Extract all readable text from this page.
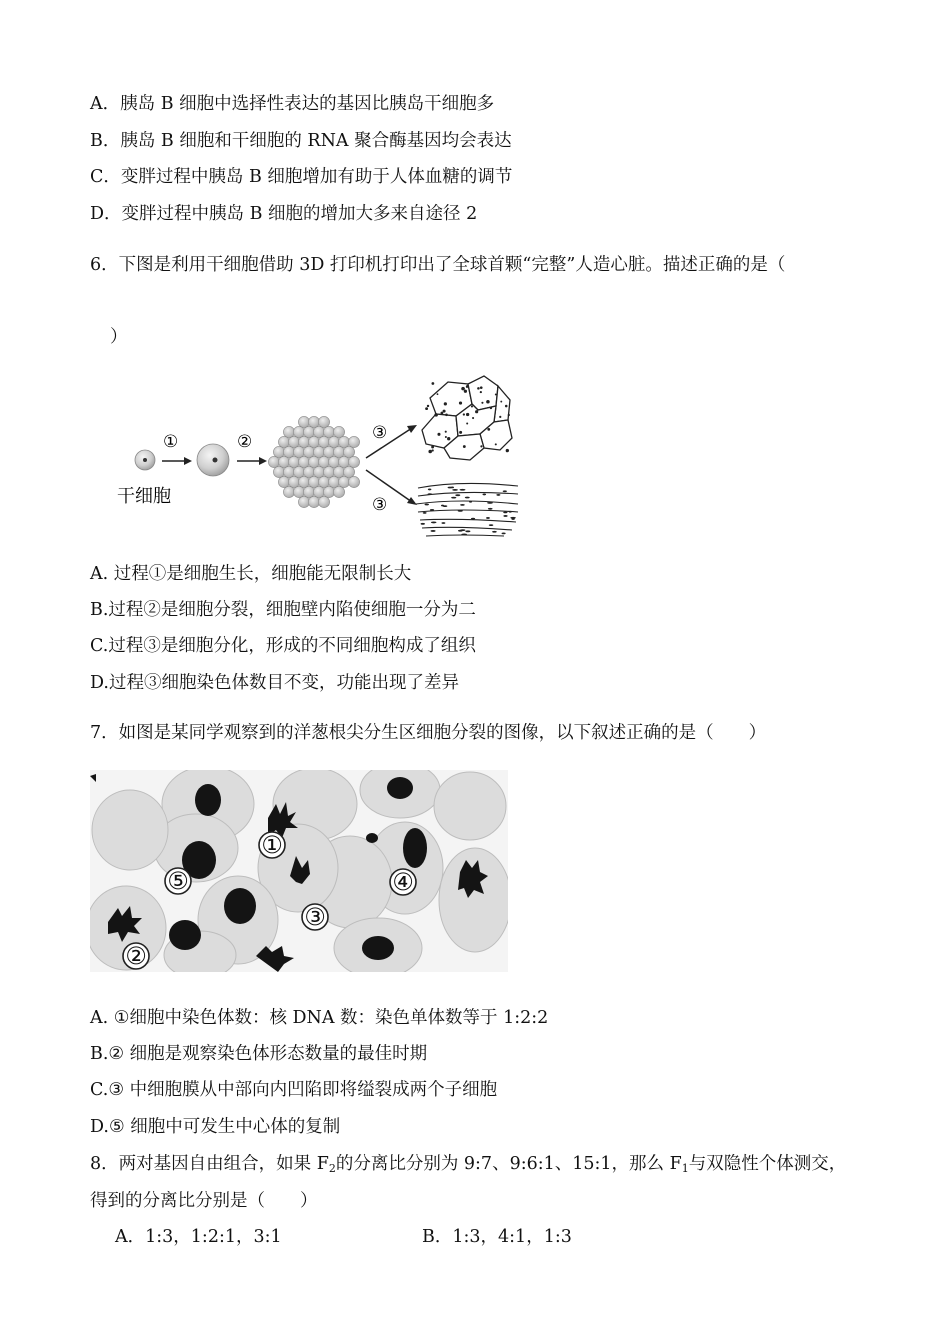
A．胰岛 B 细胞中选择性表达的基因比胰岛干细胞多
B．胰岛 B 细胞和干细胞的 RNA 聚合酶基因均会表达
C．变胖过程中胰岛 B 细胞增加有助于人体血糖的调节
D．变胖过程中胰岛 B 细胞的增加大多来自途径 2
6．下图是利用干细胞借助 3D 打印机打印出了全球首颗“完整”人造心脏。描述正确的是（
）
①	②	③
③
干细胞
A. 过程①是细胞生长，细胞能无限制长大
B.过程②是细胞分裂，细胞壁内陷使细胞一分为二
C.过程③是细胞分化，形成的不同细胞构成了组织
D.过程③细胞染色体数目不变，功能出现了差异
7．如图是某同学观察到的洋葱根尖分生区细胞分裂的图像，以下叙述正确的是（　　）
①
②
③
④
⑤
A. ①细胞中染色体数：核 DNA 数：染色单体数等于 1:2:2
B.② 细胞是观察染色体形态数量的最佳时期
C.③ 中细胞膜从中部向内凹陷即将缢裂成两个子细胞
D.⑤ 细胞中可发生中心体的复制
8．两对基因自由组合，如果 $F_2$的分离比分别为 9:7、9:6:1、15:1，那么 $F_1$与双隐性个体测交，
得到的分离比分别是（　　）
A．1:3，1:2:1，3:1	B．1:3，4:1，1:3
